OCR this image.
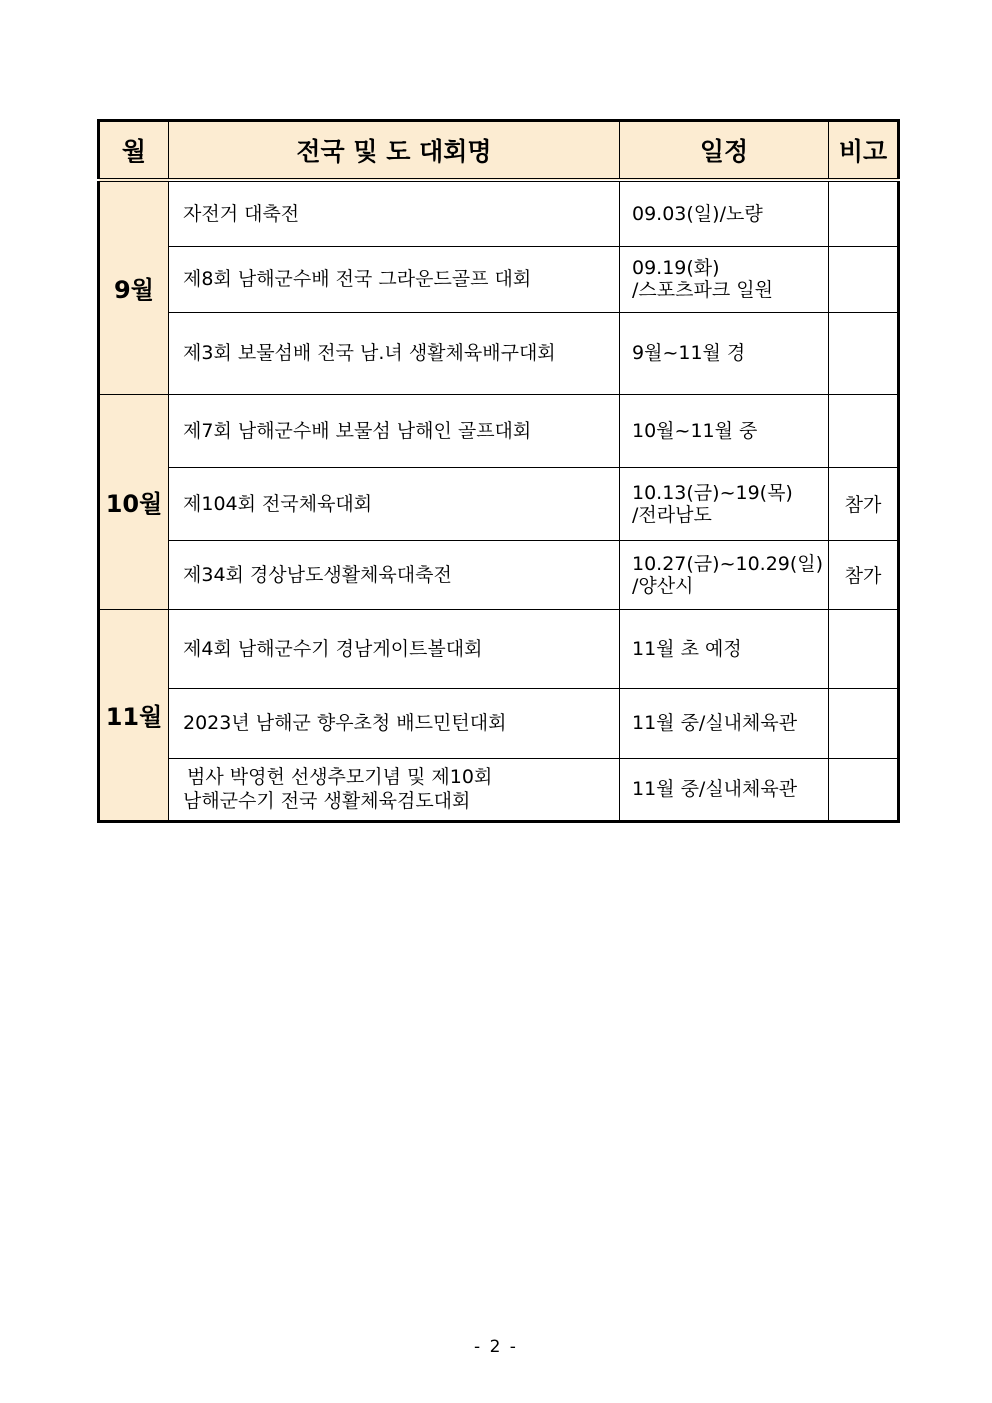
월	전국 및 도 대회명	일정	비고
9월	자전거 대축전	09.03(일)/노량	

	제8회 남해군수배 전국 그라운드골프 대회	09.19(화)
/스포츠파크 일원	

	제3회 보물섬배 전국 남.녀 생활체육배구대회	9월~11월 경	

10월	제7회 남해군수배 보물섬 남해인 골프대회	10월~11월 중	

	제104회 전국체육대회	10.13(금)~19(목)
/전라남도	참가

	제34회 경상남도생활체육대축전	10.27(금)~10.29(일)
/양산시	참가
11월	제4회 남해군수기 경남게이트볼대회	11월 초 예정	

	2023년 남해군 향우초청 배드민턴대회	11월 중/실내체육관	

	범사 박영헌 선생추모기념 및 제10회
남해군수기 전국 생활체육검도대회	11월 중/실내체육관	

- 2 -
